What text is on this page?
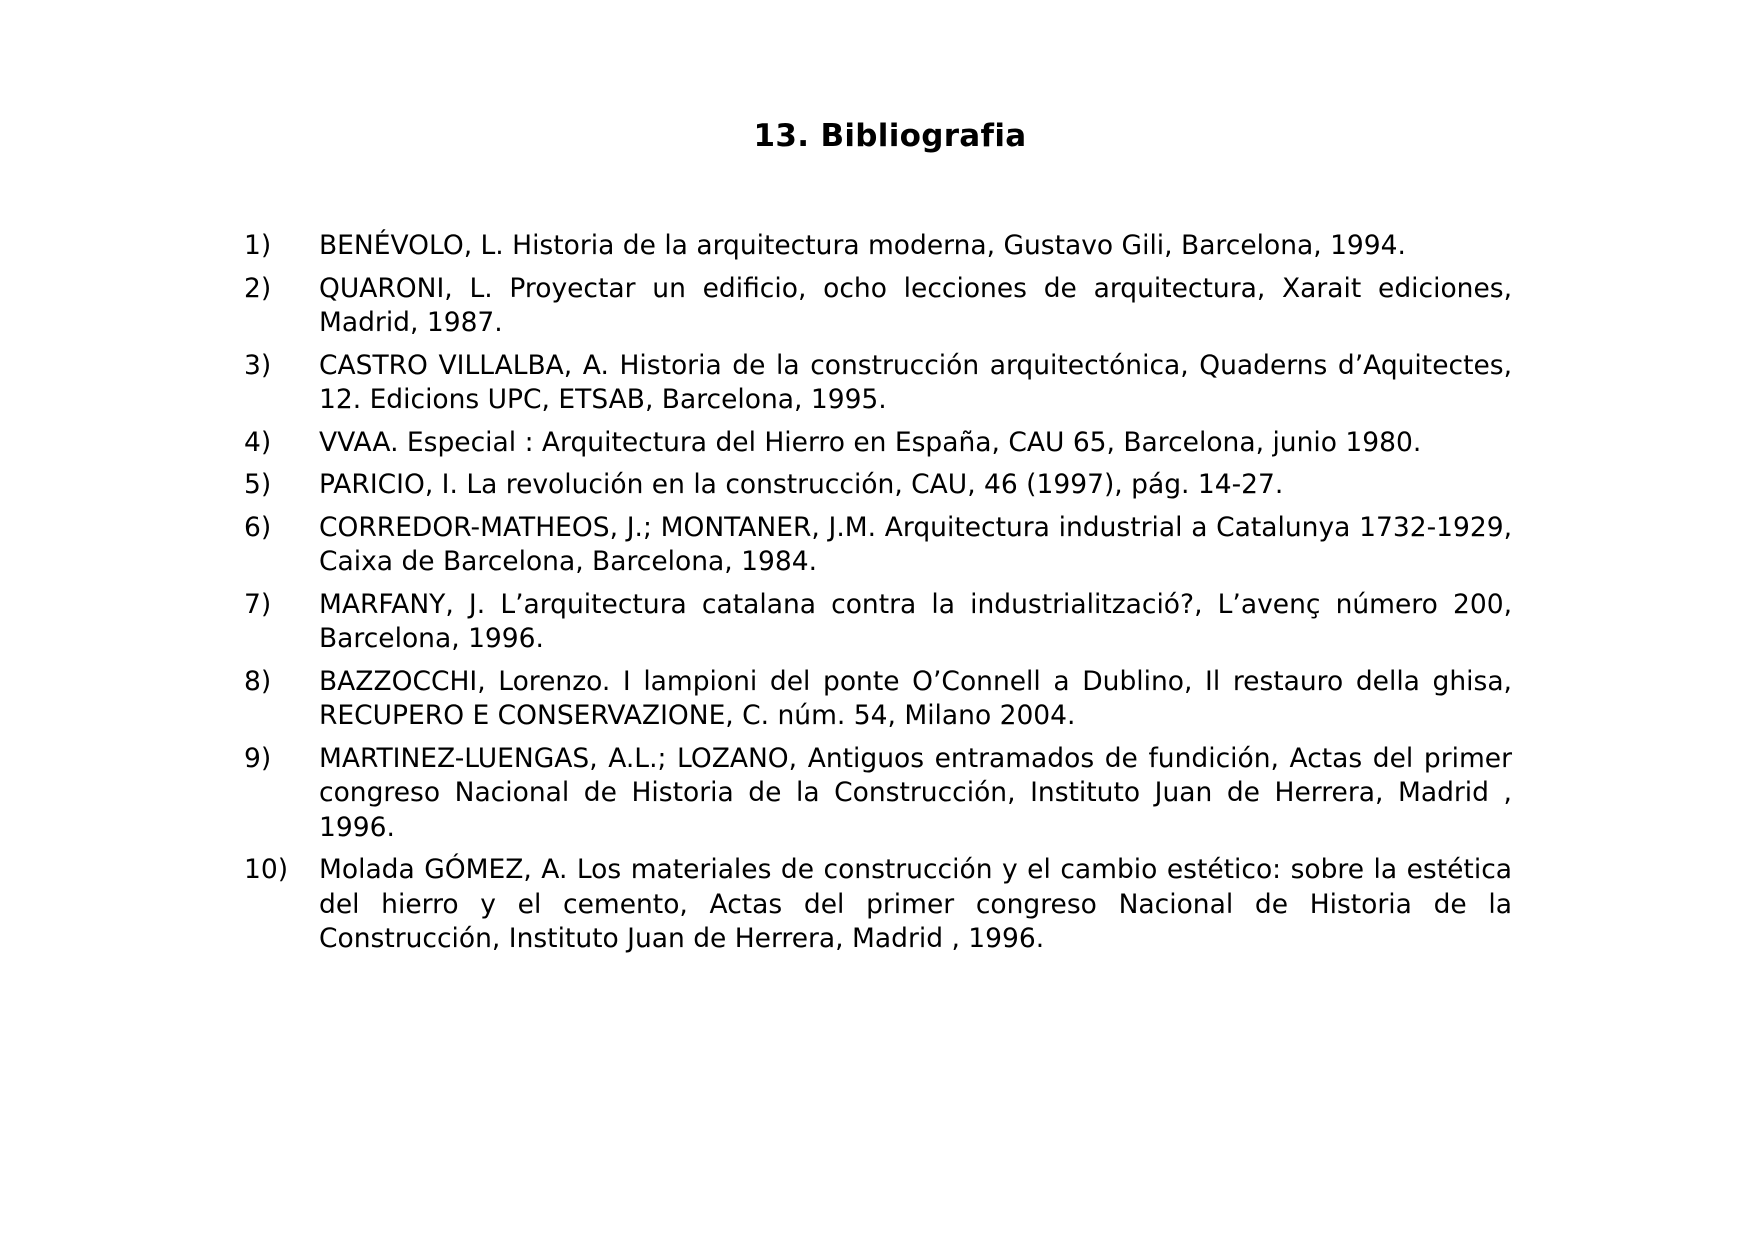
13. Bibliografia
1) BENÉVOLO, L. Historia de la arquitectura moderna, Gustavo Gili, Barcelona, 1994.
2) QUARONI, L. Proyectar un edificio, ocho lecciones de arquitectura, Xarait ediciones, Madrid, 1987.
3) CASTRO VILLALBA, A. Historia de la construcción arquitectónica, Quaderns d’Aquitectes, 12. Edicions UPC, ETSAB, Barcelona, 1995.
4) VVAA. Especial : Arquitectura del Hierro en España, CAU 65, Barcelona, junio 1980.
5) PARICIO, I. La revolución en la construcción, CAU, 46 (1997), pág. 14-27.
6) CORREDOR-MATHEOS, J.; MONTANER, J.M. Arquitectura industrial a Catalunya 1732-1929, Caixa de Barcelona, Barcelona, 1984.
7) MARFANY, J. L’arquitectura catalana contra la industrialització?, L’avenç número 200, Barcelona, 1996.
8) BAZZOCCHI, Lorenzo. I lampioni del ponte O’Connell a Dublino, Il restauro della ghisa, RECUPERO E CONSERVAZIONE, C. núm. 54, Milano 2004.
9) MARTINEZ-LUENGAS, A.L.; LOZANO, Antiguos entramados de fundición, Actas del primer congreso Nacional de Historia de la Construcción, Instituto Juan de Herrera, Madrid , 1996.
10) Molada GÓMEZ, A. Los materiales de construcción y el cambio estético: sobre la estética del hierro y el cemento, Actas del primer congreso Nacional de Historia de la Construcción, Instituto Juan de Herrera, Madrid , 1996.
